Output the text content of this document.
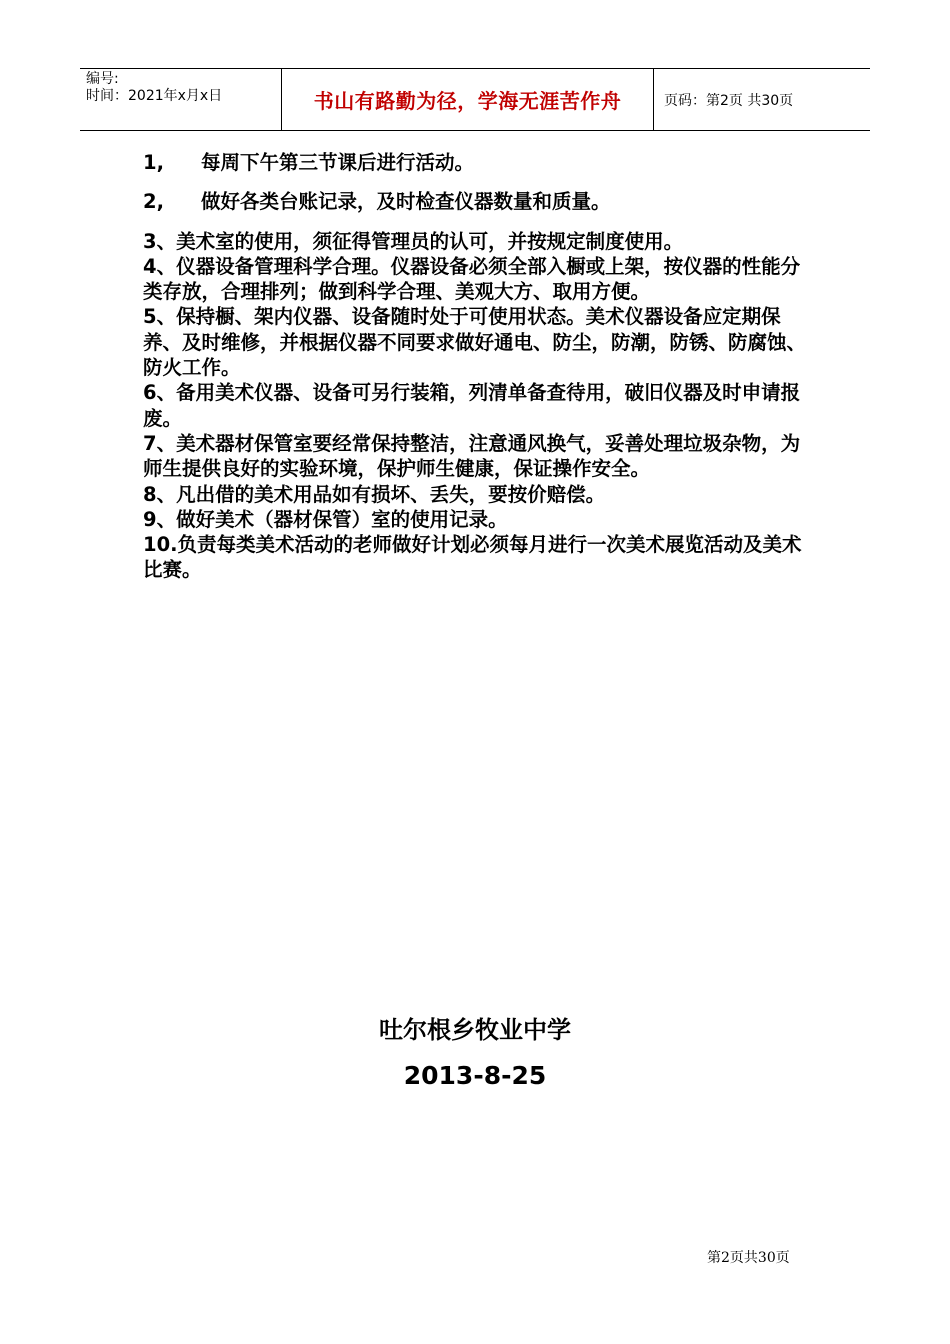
编号:
时间：2021年x月x日	书山有路勤为径，学海无涯苦作舟	页码：第2页 共30页

1, 每周下午第三节课后进行活动。

2, 做好各类台账记录，及时检查仪器数量和质量。

3、美术室的使用，须征得管理员的认可，并按规定制度使用。

4、仪器设备管理科学合理。仪器设备必须全部入橱或上架，按仪器的性能分类存放，合理排列；做到科学合理、美观大方、取用方便。

5、保持橱、架内仪器、设备随时处于可使用状态。美术仪器设备应定期保养、及时维修，并根据仪器不同要求做好通电、防尘，防潮，防锈、防腐蚀、防火工作。

6、备用美术仪器、设备可另行装箱，列清单备查待用，破旧仪器及时申请报废。

7、美术器材保管室要经常保持整洁，注意通风换气，妥善处理垃圾杂物，为师生提供良好的实验环境，保护师生健康，保证操作安全。

8、凡出借的美术用品如有损坏、丢失，要按价赔偿。

9、做好美术（器材保管）室的使用记录。

10.负责每类美术活动的老师做好计划必须每月进行一次美术展览活动及美术比赛。

吐尔根乡牧业中学
2013-8-25
第2页共30页
